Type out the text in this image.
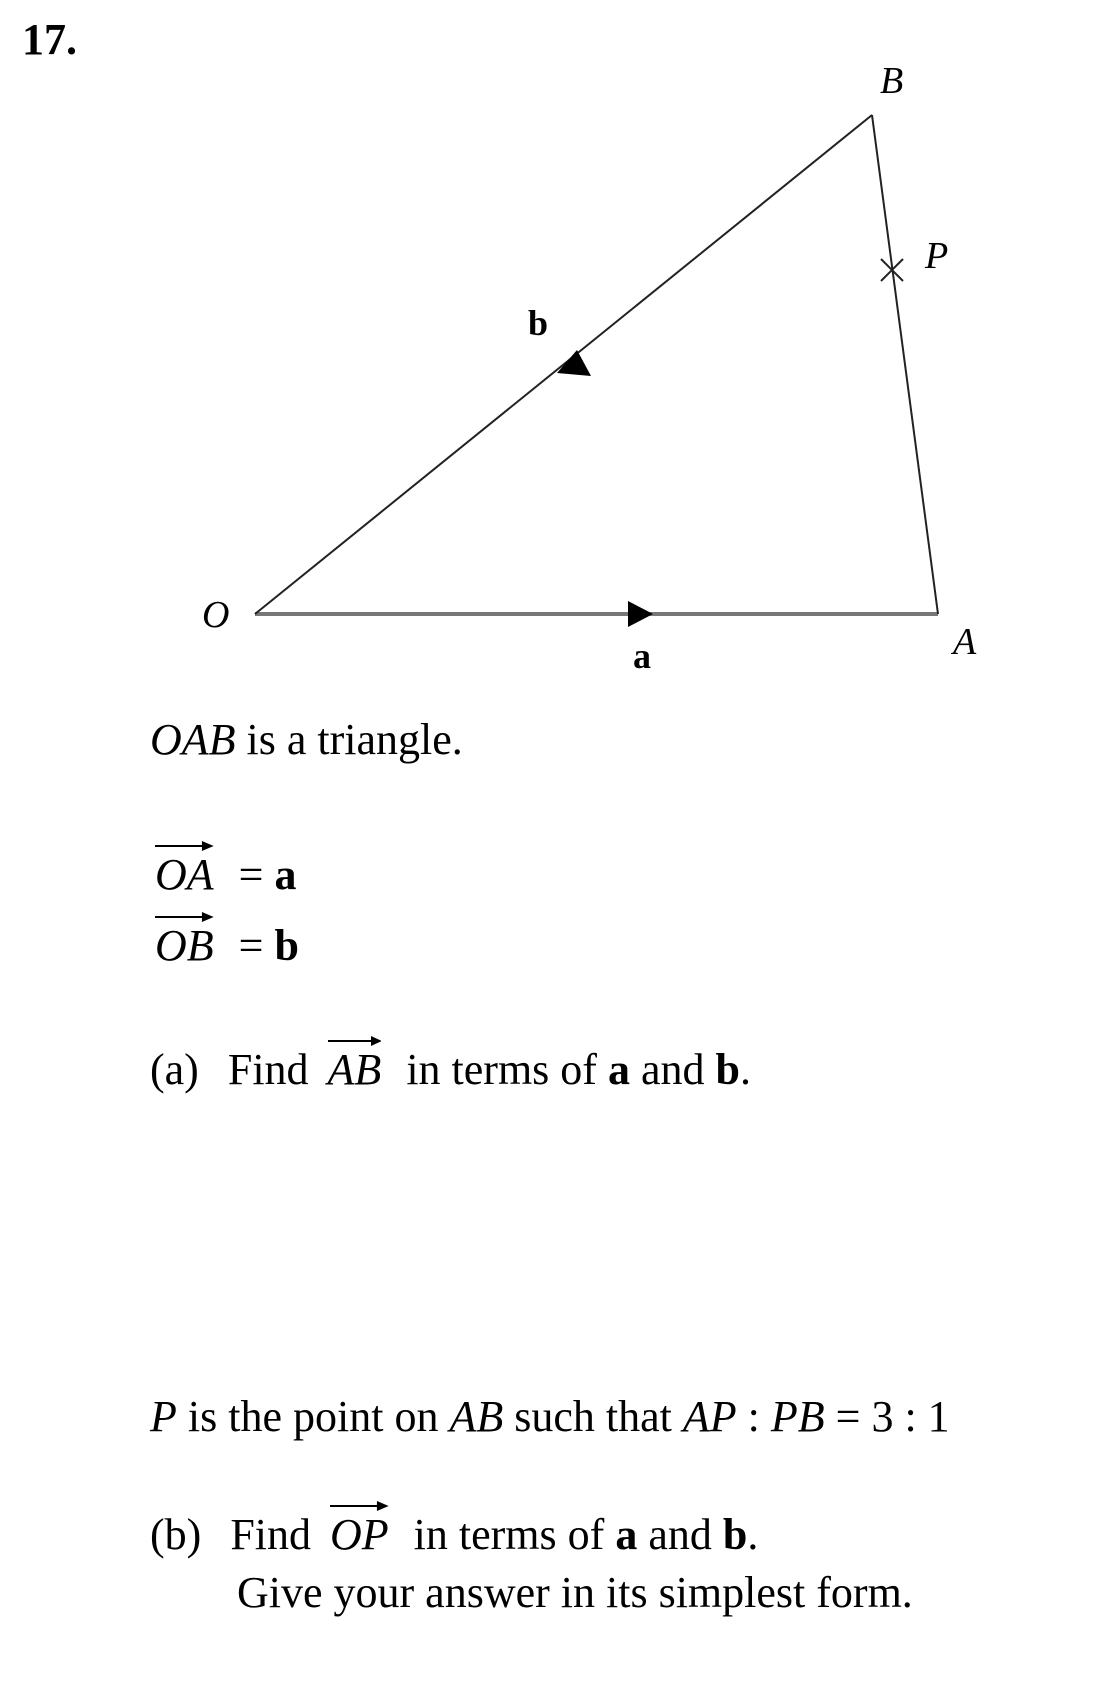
17.
O
A
B
P
a
b
OAB is a triangle.
OA = a
OB = b
(a) Find AB in terms of a and b.
P is the point on AB such that AP : PB = 3 : 1
(b) Find OP in terms of a and b.
Give your answer in its simplest form.
